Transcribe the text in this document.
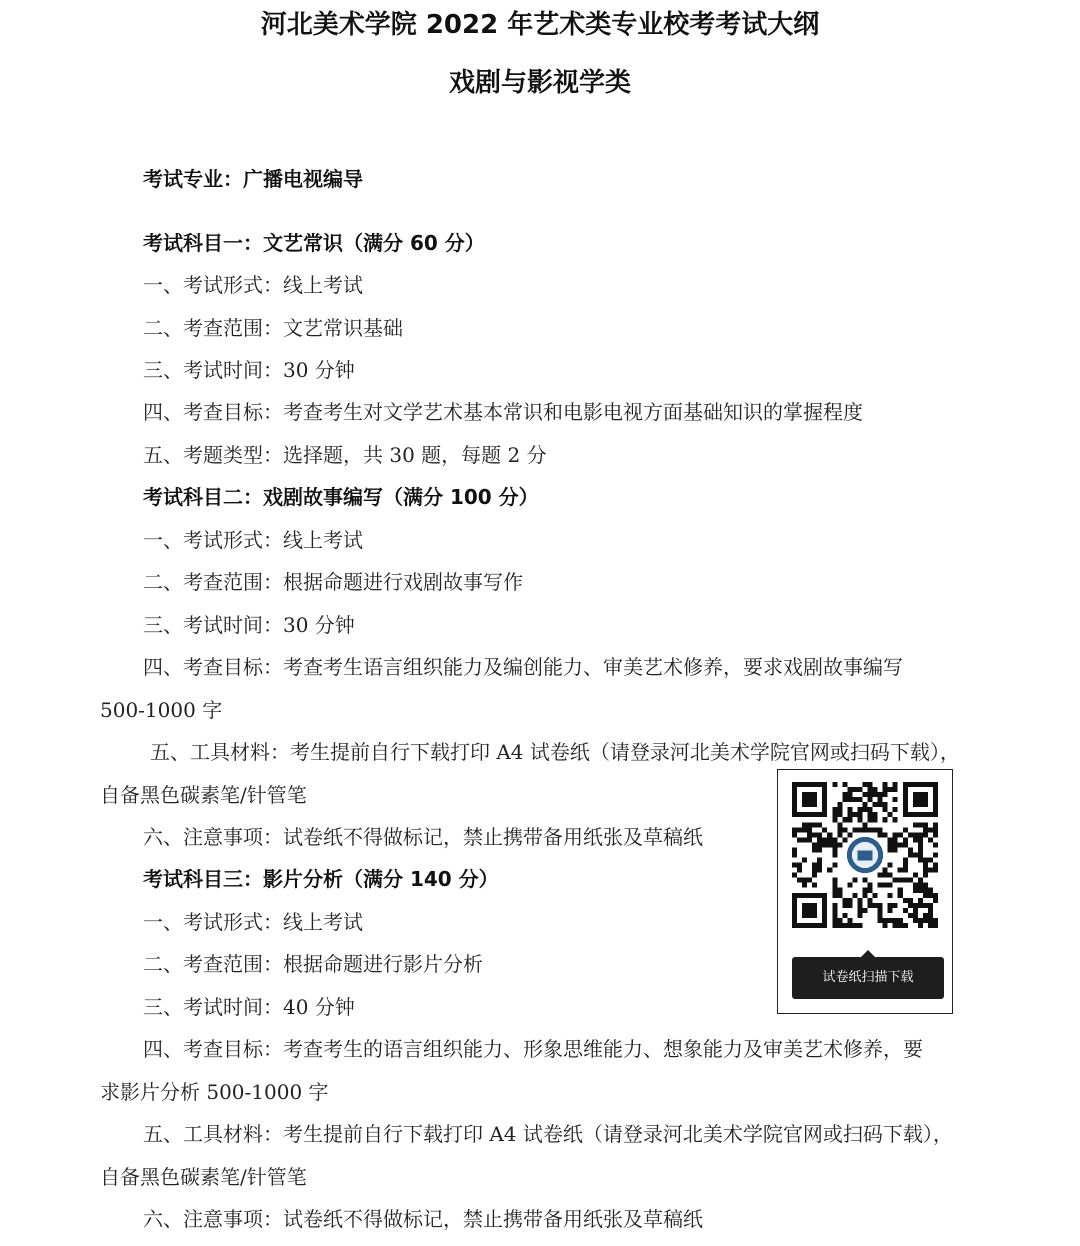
河北美术学院 2022 年艺术类专业校考考试大纲
戏剧与影视学类
考试专业：广播电视编导
考试科目一：文艺常识（满分 60 分）
一、考试形式：线上考试
二、考查范围：文艺常识基础
三、考试时间：30 分钟
四、考查目标：考查考生对文学艺术基本常识和电影电视方面基础知识的掌握程度
五、考题类型：选择题，共 30 题，每题 2 分
考试科目二：戏剧故事编写（满分 100 分）
一、考试形式：线上考试
二、考查范围：根据命题进行戏剧故事写作
三、考试时间：30 分钟
四、考查目标：考查考生语言组织能力及编创能力、审美艺术修养，要求戏剧故事编写
500-1000 字
五、工具材料：考生提前自行下载打印 A4 试卷纸（请登录河北美术学院官网或扫码下载），
自备黑色碳素笔/针管笔
六、注意事项：试卷纸不得做标记，禁止携带备用纸张及草稿纸
考试科目三：影片分析（满分 140 分）
一、考试形式：线上考试
二、考查范围：根据命题进行影片分析
三、考试时间：40 分钟
四、考查目标：考查考生的语言组织能力、形象思维能力、想象能力及审美艺术修养，要
求影片分析 500-1000 字
五、工具材料：考生提前自行下载打印 A4 试卷纸（请登录河北美术学院官网或扫码下载），
自备黑色碳素笔/针管笔
六、注意事项：试卷纸不得做标记，禁止携带备用纸张及草稿纸
试卷纸扫描下载
